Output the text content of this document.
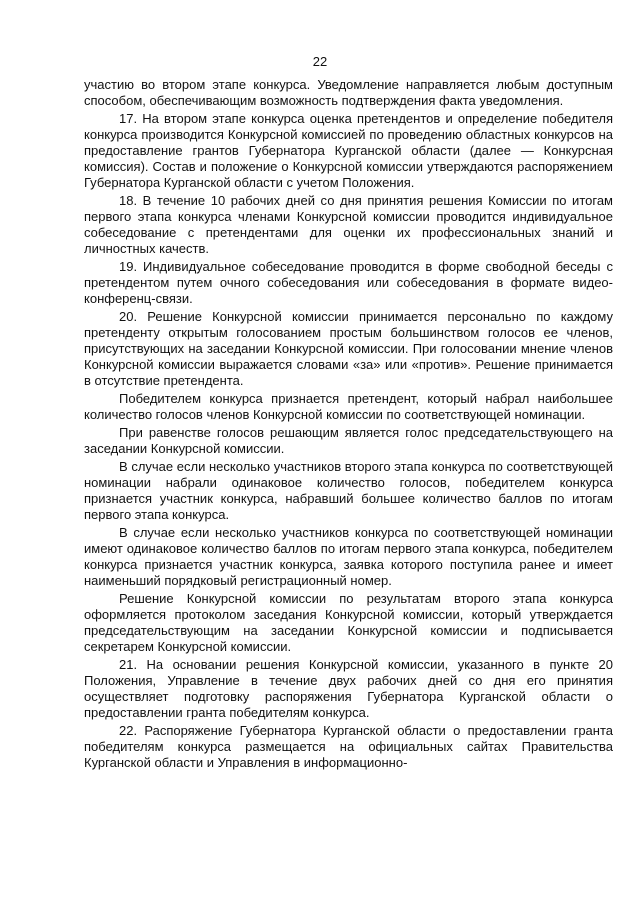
22

участию во втором этапе конкурса. Уведомление направляется любым доступным способом, обеспечивающим возможность подтверждения факта уведомления.

17. На втором этапе конкурса оценка претендентов и определение победителя конкурса производится Конкурсной комиссией по проведению областных конкурсов на предоставление грантов Губернатора Курганской области (далее — Конкурсная комиссия). Состав и положение о Конкурсной комиссии утверждаются распоряжением Губернатора Курганской области с учетом Положения.

18. В течение 10 рабочих дней со дня принятия решения Комиссии по итогам первого этапа конкурса членами Конкурсной комиссии проводится индивидуальное собеседование с претендентами для оценки их профессиональных знаний и личностных качеств.

19. Индивидуальное собеседование проводится в форме свободной беседы с претендентом путем очного собеседования или собеседования в формате видео-конференц-связи.

20. Решение Конкурсной комиссии принимается персонально по каждому претенденту открытым голосованием простым большинством голосов ее членов, присутствующих на заседании Конкурсной комиссии. При голосовании мнение членов Конкурсной комиссии выражается словами «за» или «против». Решение принимается в отсутствие претендента.

Победителем конкурса признается претендент, который набрал наибольшее количество голосов членов Конкурсной комиссии по соответствующей номинации.

При равенстве голосов решающим является голос председательствующего на заседании Конкурсной комиссии.

В случае если несколько участников второго этапа конкурса по соответствующей номинации набрали одинаковое количество голосов, победителем конкурса признается участник конкурса, набравший большее количество баллов по итогам первого этапа конкурса.

В случае если несколько участников конкурса по соответствующей номинации имеют одинаковое количество баллов по итогам первого этапа конкурса, победителем конкурса признается участник конкурса, заявка которого поступила ранее и имеет наименьший порядковый регистрационный номер.

Решение Конкурсной комиссии по результатам второго этапа конкурса оформляется протоколом заседания Конкурсной комиссии, который утверждается председательствующим на заседании Конкурсной комиссии и подписывается секретарем Конкурсной комиссии.

21. На основании решения Конкурсной комиссии, указанного в пункте 20 Положения, Управление в течение двух рабочих дней со дня его принятия осуществляет подготовку распоряжения Губернатора Курганской области о предоставлении гранта победителям конкурса.

22. Распоряжение Губернатора Курганской области о предоставлении гранта победителям конкурса размещается на официальных сайтах Правительства Курганской области и Управления в информационно-
